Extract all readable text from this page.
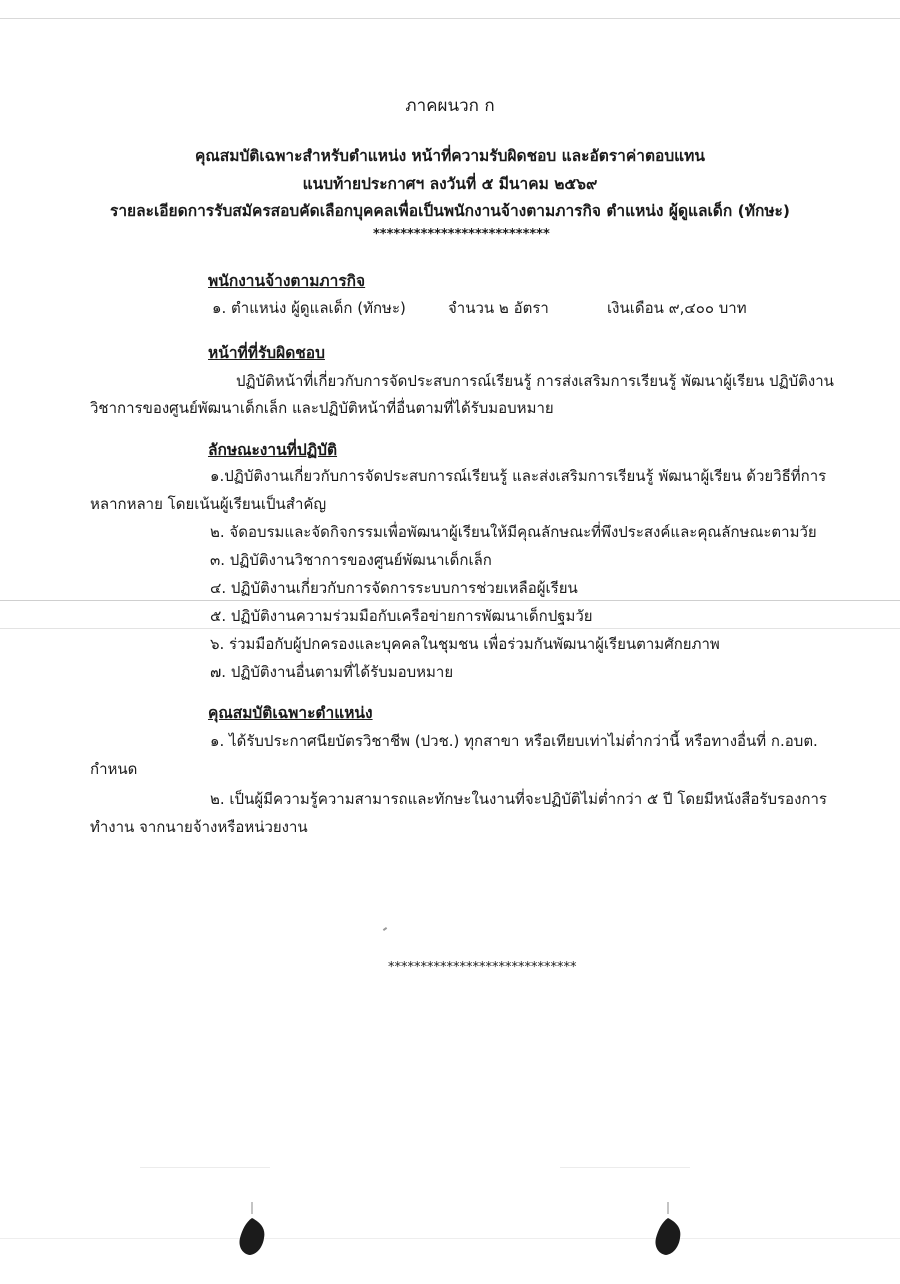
ภาคผนวก ก
คุณสมบัติเฉพาะสำหรับตำแหน่ง หน้าที่ความรับผิดชอบ และอัตราค่าตอบแทน
แนบท้ายประกาศฯ ลงวันที่ ๕ มีนาคม ๒๕๖๙
รายละเอียดการรับสมัครสอบคัดเลือกบุคคลเพื่อเป็นพนักงานจ้างตามภารกิจ ตำแหน่ง ผู้ดูแลเด็ก (ทักษะ)
**************************
พนักงานจ้างตามภารกิจ
๑. ตำแหน่ง ผู้ดูแลเด็ก (ทักษะ)	จำนวน ๒ อัตรา	เงินเดือน ๙,๔๐๐ บาท
หน้าที่ที่รับผิดชอบ
ปฏิบัติหน้าที่เกี่ยวกับการจัดประสบการณ์เรียนรู้ การส่งเสริมการเรียนรู้ พัฒนาผู้เรียน ปฏิบัติงาน
วิชาการของศูนย์พัฒนาเด็กเล็ก และปฏิบัติหน้าที่อื่นตามที่ได้รับมอบหมาย
ลักษณะงานที่ปฏิบัติ
๑.ปฏิบัติงานเกี่ยวกับการจัดประสบการณ์เรียนรู้ และส่งเสริมการเรียนรู้ พัฒนาผู้เรียน ด้วยวิธีที่การ
หลากหลาย โดยเน้นผู้เรียนเป็นสำคัญ
๒. จัดอบรมและจัดกิจกรรมเพื่อพัฒนาผู้เรียนให้มีคุณลักษณะที่พึงประสงค์และคุณลักษณะตามวัย
๓. ปฏิบัติงานวิชาการของศูนย์พัฒนาเด็กเล็ก
๔. ปฏิบัติงานเกี่ยวกับการจัดการระบบการช่วยเหลือผู้เรียน
๕. ปฏิบัติงานความร่วมมือกับเครือข่ายการพัฒนาเด็กปฐมวัย
๖. ร่วมมือกับผู้ปกครองและบุคคลในชุมชน เพื่อร่วมกันพัฒนาผู้เรียนตามศักยภาพ
๗. ปฏิบัติงานอื่นตามที่ได้รับมอบหมาย
คุณสมบัติเฉพาะตำแหน่ง
๑. ได้รับประกาศนียบัตรวิชาชีพ (ปวช.) ทุกสาขา หรือเทียบเท่าไม่ต่ำกว่านี้ หรือทางอื่นที่ ก.อบต.
กำหนด
๒. เป็นผู้มีความรู้ความสามารถและทักษะในงานที่จะปฏิบัติไม่ต่ำกว่า ๕ ปี โดยมีหนังสือรับรองการ
ทำงาน จากนายจ้างหรือหน่วยงาน
*****************************
